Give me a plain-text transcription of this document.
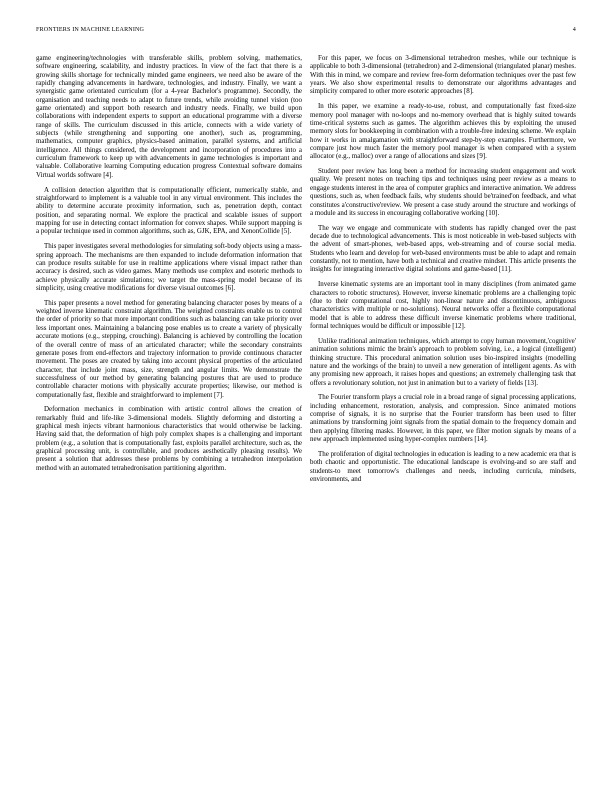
FRONTIERS IN MACHINE LEARNING	4

game engineering/technologies with transferable skills, problem solving, mathematics, software engineering, scalability, and industry practices. In view of the fact that there is a growing skills shortage for technically minded game engineers, we need also be aware of the rapidly changing advancements in hardware, technologies, and industry. Finally, we want a synergistic game orientated curriculum (for a 4-year Bachelor's programme). Secondly, the organisation and teaching needs to adapt to future trends, while avoiding tunnel vision (too game orientated) and support both research and industry needs. Finally, we build upon collaborations with independent experts to support an educational programme with a diverse range of skills. The curriculum discussed in this article, connects with a wide variety of subjects (while strengthening and supporting one another), such as, programming, mathematics, computer graphics, physics-based animation, parallel systems, and artificial intelligence. All things considered, the development and incorporation of procedures into a curriculum framework to keep up with advancements in game technologies is important and valuable. Collaborative learning Computing education progress Contextual software domains Virtual worlds software [4].

A collision detection algorithm that is computationally efficient, numerically stable, and straightforward to implement is a valuable tool in any virtual environment. This includes the ability to determine accurate proximity information, such as, penetration depth, contact position, and separating normal. We explore the practical and scalable issues of support mapping for use in detecting contact information for convex shapes. While support mapping is a popular technique used in common algorithms, such as, GJK, EPA, and XenonCollide [5].

This paper investigates several methodologies for simulating soft-body objects using a mass- spring approach. The mechanisms are then expanded to include deformation information that can produce results suitable for use in realtime applications where visual impact rather than accuracy is desired, such as video games. Many methods use complex and esoteric methods to achieve physically accurate simulations; we target the mass-spring model because of its simplicity, using creative modifications for diverse visual outcomes [6].

This paper presents a novel method for generating balancing character poses by means of a weighted inverse kinematic constraint algorithm. The weighted constraints enable us to control the order of priority so that more important conditions such as balancing can take priority over less important ones. Maintaining a balancing pose enables us to create a variety of physically accurate motions (e.g., stepping, crouching). Balancing is achieved by controlling the location of the overall centre of mass of an articulated character; while the secondary constraints generate poses from end-effectors and trajectory information to provide continuous character movement. The poses are created by taking into account physical properties of the articulated character, that include joint mass, size, strength and angular limits. We demonstrate the successfulness of our method by generating balancing postures that are used to produce controllable character motions with physically accurate properties; likewise, our method is computationally fast, flexible and straightforward to implement [7].

Deformation mechanics in combination with artistic control allows the creation of remarkably fluid and life-like 3-dimensional models. Slightly deforming and distorting a graphical mesh injects vibrant harmonious characteristics that would otherwise be lacking. Having said that, the deformation of high poly complex shapes is a challenging and important problem (e.g., a solution that is computationally fast, exploits parallel architecture, such as, the graphical processing unit, is controllable, and produces aesthetically pleasing results). We present a solution that addresses these problems by combining a tetrahedron interpolation method with an automated tetrahedronisation partitioning algorithm.

For this paper, we focus on 3-dimensional tetrahedron meshes, while our technique is applicable to both 3-dimensional (tetrahedron) and 2-dimensional (triangulated planar) meshes. With this in mind, we compare and review free-form deformation techniques over the past few years. We also show experimental results to demonstrate our algorithms advantages and simplicity compared to other more esoteric approaches [8].

In this paper, we examine a ready-to-use, robust, and computationally fast fixed-size memory pool manager with no-loops and no-memory overhead that is highly suited towards time-critical systems such as games. The algorithm achieves this by exploiting the unused memory slots for bookkeeping in combination with a trouble-free indexing scheme. We explain how it works in amalgamation with straightforward step-by-step examples. Furthermore, we compare just how much faster the memory pool manager is when compared with a system allocator (e.g., malloc) over a range of allocations and sizes [9].

Student peer review has long been a method for increasing student engagement and work quality. We present notes on teaching tips and techniques using peer review as a means to engage students interest in the area of computer graphics and interactive animation. We address questions, such as, when feedback fails, why students should be'trained'on feedback, and what constitutes a'constructive'review. We present a case study around the structure and workings of a module and its success in encouraging collaborative working [10].

The way we engage and communicate with students has rapidly changed over the past decade due to technological advancements. This is most noticeable in web-based subjects with the advent of smart-phones, web-based apps, web-streaming and of course social media. Students who learn and develop for web-based environments must be able to adapt and remain constantly, not to mention, have both a technical and creative mindset. This article presents the insights for integrating interactive digital solutions and game-based [11].

Inverse kinematic systems are an important tool in many disciplines (from animated game characters to robotic structures). However, inverse kinematic problems are a challenging topic (due to their computational cost, highly non-linear nature and discontinuous, ambiguous characteristics with multiple or no-solutions). Neural networks offer a flexible computational model that is able to address these difficult inverse kinematic problems where traditional, formal techniques would be difficult or impossible [12].

Unlike traditional animation techniques, which attempt to copy human movement,'cognitive' animation solutions mimic the brain's approach to problem solving, i.e., a logical (intelligent) thinking structure. This procedural animation solution uses bio-inspired insights (modelling nature and the workings of the brain) to unveil a new generation of intelligent agents. As with any promising new approach, it raises hopes and questions; an extremely challenging task that offers a revolutionary solution, not just in animation but to a variety of fields [13].

The Fourier transform plays a crucial role in a broad range of signal processing applications, including enhancement, restoration, analysis, and compression. Since animated motions comprise of signals, it is no surprise that the Fourier transform has been used to filter animations by transforming joint signals from the spatial domain to the frequency domain and then applying filtering masks. However, in this paper, we filter motion signals by means of a new approach implemented using hyper-complex numbers [14].

The proliferation of digital technologies in education is leading to a new academic era that is both chaotic and opportunistic. The educational landscape is evolving-and so are staff and students-to meet tomorrow's challenges and needs, including curricula, mindsets, environments, and
